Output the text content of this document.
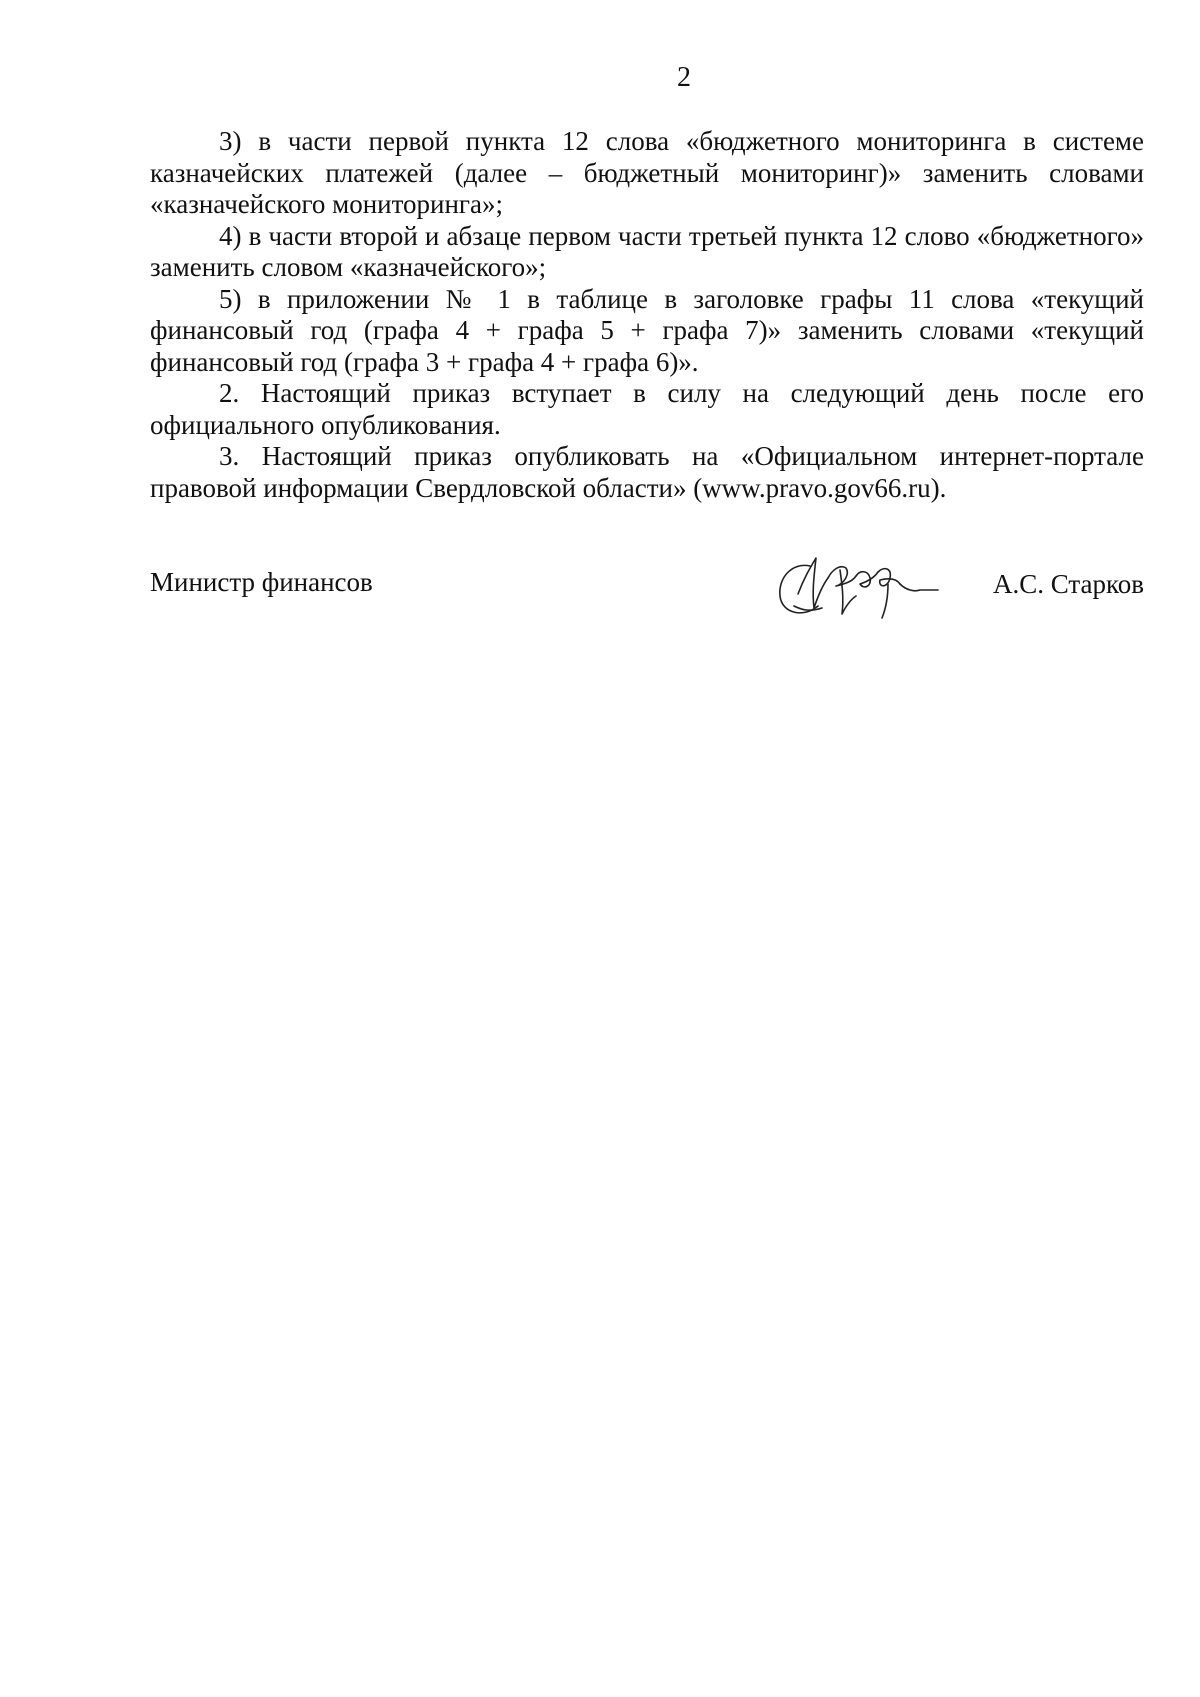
2

3) в части первой пункта 12 слова «бюджетного мониторинга в системе казначейских платежей (далее – бюджетный мониторинг)» заменить словами «казначейского мониторинга»;

4) в части второй и абзаце первом части третьей пункта 12 слово «бюджетного» заменить словом «казначейского»;

5) в приложении № 1 в таблице в заголовке графы 11 слова «текущий финансовый год (графа 4 + графа 5 + графа 7)» заменить словами «текущий финансовый год (графа 3 + графа 4 + графа 6)».

2. Настоящий приказ вступает в силу на следующий день после его официального опубликования.

3. Настоящий приказ опубликовать на «Официальном интернет-портале правовой информации Свердловской области» (www.pravo.gov66.ru).

Министр финансов	А.С. Старков
